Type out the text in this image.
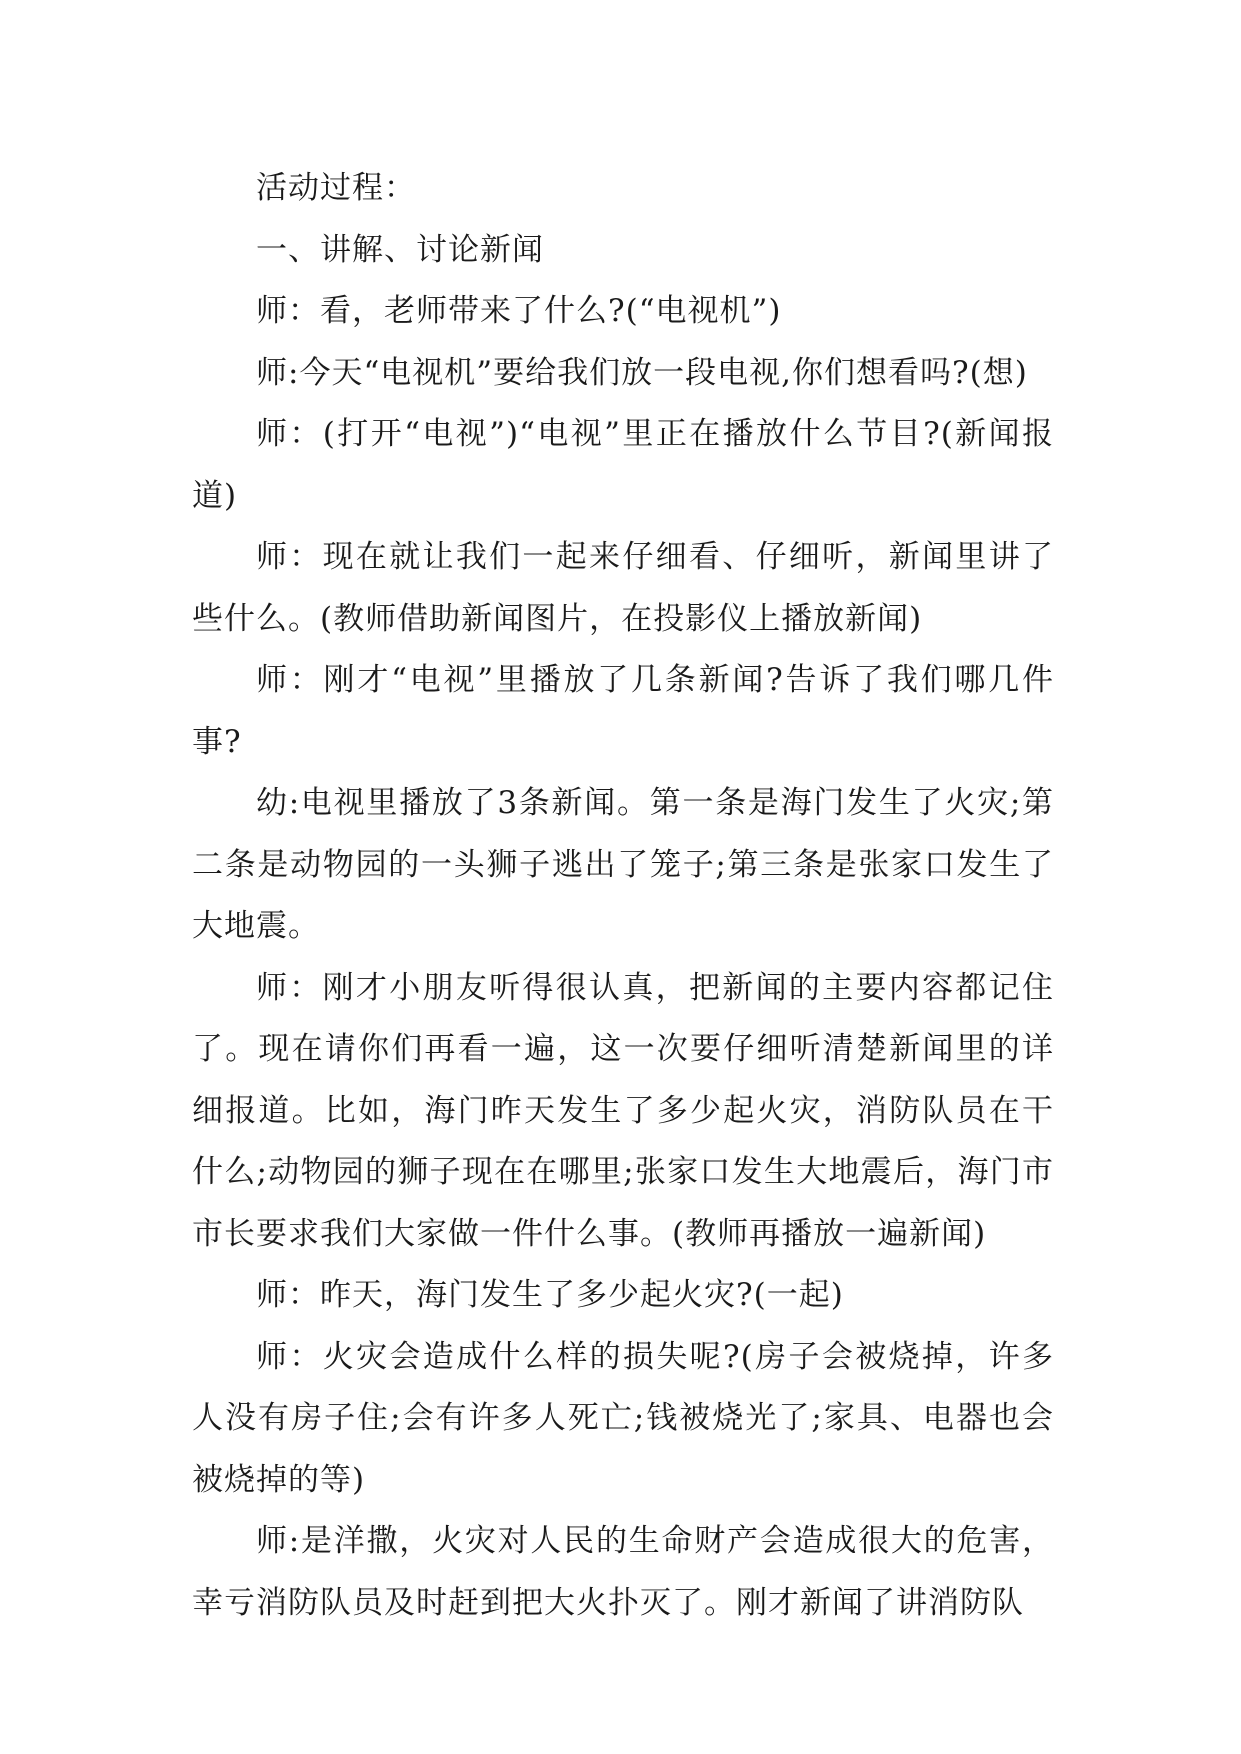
活动过程：

一、讲解、讨论新闻

师：看，老师带来了什么?(“电视机”)

师:今天“电视机”要给我们放一段电视,你们想看吗?(想)

师：(打开“电视”)“电视”里正在播放什么节目?(新闻报道)

师：现在就让我们一起来仔细看、仔细听，新闻里讲了些什么。(教师借助新闻图片，在投影仪上播放新闻)

师：刚才“电视”里播放了几条新闻?告诉了我们哪几件事?

幼:电视里播放了3条新闻。第一条是海门发生了火灾;第二条是动物园的一头狮子逃出了笼子;第三条是张家口发生了大地震。

师：刚才小朋友听得很认真，把新闻的主要内容都记住了。现在请你们再看一遍，这一次要仔细听清楚新闻里的详细报道。比如，海门昨天发生了多少起火灾，消防队员在干什么;动物园的狮子现在在哪里;张家口发生大地震后，海门市市长要求我们大家做一件什么事。(教师再播放一遍新闻)

师：昨天，海门发生了多少起火灾?(一起)

师：火灾会造成什么样的损失呢?(房子会被烧掉，许多人没有房子住;会有许多人死亡;钱被烧光了;家具、电器也会被烧掉的等)

师:是洋撒，火灾对人民的生命财产会造成很大的危害，幸亏消防队员及时赶到把大火扑灭了。刚才新闻了讲消防队
